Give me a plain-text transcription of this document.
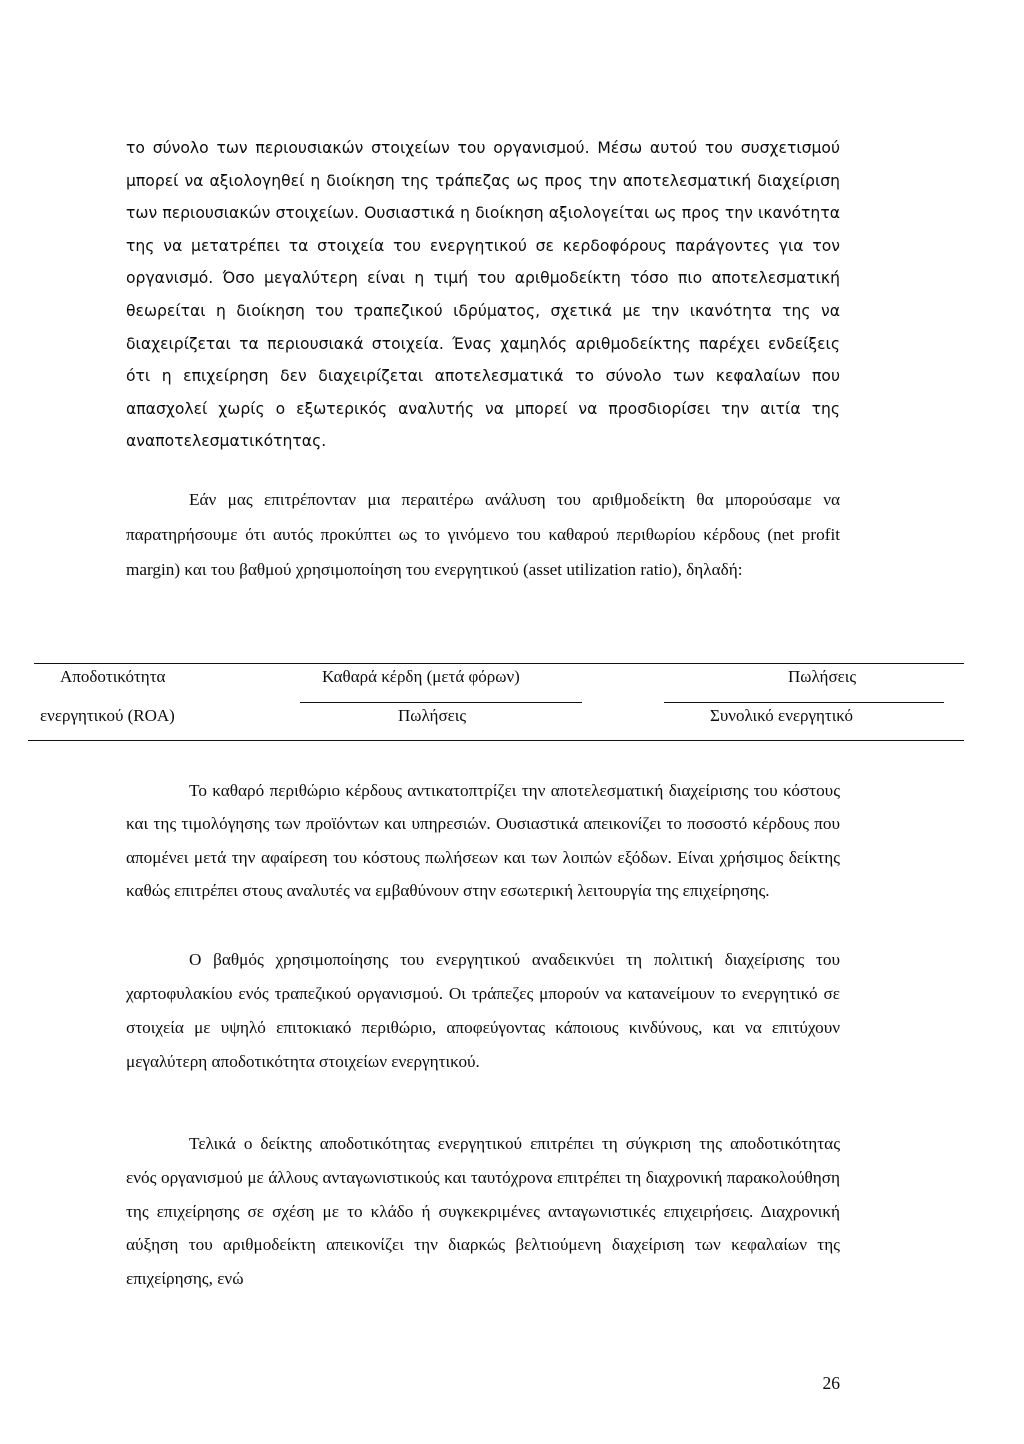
το σύνολο των περιουσιακών στοιχείων του οργανισμού. Μέσω αυτού του συσχετισμού μπορεί να αξιολογηθεί η διοίκηση της τράπεζας ως προς την αποτελεσματική διαχείριση των περιουσιακών στοιχείων. Ουσιαστικά η διοίκηση αξιολογείται ως προς την ικανότητα της να μετατρέπει τα στοιχεία του ενεργητικού σε κερδοφόρους παράγοντες για τον οργανισμό. Όσο μεγαλύτερη είναι η τιμή του αριθμοδείκτη τόσο πιο αποτελεσματική θεωρείται η διοίκηση του τραπεζικού ιδρύματος, σχετικά με την ικανότητα της να διαχειρίζεται τα περιουσιακά στοιχεία. Ένας χαμηλός αριθμοδείκτης παρέχει ενδείξεις ότι η επιχείρηση δεν διαχειρίζεται αποτελεσματικά το σύνολο των κεφαλαίων που απασχολεί χωρίς ο εξωτερικός αναλυτής να μπορεί να προσδιορίσει την αιτία της αναποτελεσματικότητας.

Εάν μας επιτρέπονταν μια περαιτέρω ανάλυση του αριθμοδείκτη θα μπορούσαμε να παρατηρήσουμε ότι αυτός προκύπτει ως το γινόμενο του καθαρού περιθωρίου κέρδους (net profit margin) και του βαθμού χρησιμοποίηση του ενεργητικού (asset utilization ratio), δηλαδή:

Αποδοτικότητα
ενεργητικού (ROA)
Καθαρά κέρδη (μετά φόρων)
Πωλήσεις
Πωλήσεις
Συνολικό ενεργητικό

Το καθαρό περιθώριο κέρδους αντικατοπτρίζει την αποτελεσματική διαχείρισης του κόστους και της τιμολόγησης των προϊόντων και υπηρεσιών. Ουσιαστικά απεικονίζει το ποσοστό κέρδους που απομένει μετά την αφαίρεση του κόστους πωλήσεων και των λοιπών εξόδων. Είναι χρήσιμος δείκτης καθώς επιτρέπει στους αναλυτές να εμβαθύνουν στην εσωτερική λειτουργία της επιχείρησης.

Ο βαθμός χρησιμοποίησης του ενεργητικού αναδεικνύει τη πολιτική διαχείρισης του χαρτοφυλακίου ενός τραπεζικού οργανισμού. Οι τράπεζες μπορούν να κατανείμουν το ενεργητικό σε στοιχεία με υψηλό επιτοκιακό περιθώριο, αποφεύγοντας κάποιους κινδύνους, και να επιτύχουν μεγαλύτερη αποδοτικότητα στοιχείων ενεργητικού.

Τελικά ο δείκτης αποδοτικότητας ενεργητικού επιτρέπει τη σύγκριση της αποδοτικότητας ενός οργανισμού με άλλους ανταγωνιστικούς και ταυτόχρονα επιτρέπει τη διαχρονική παρακολούθηση της επιχείρησης σε σχέση με το κλάδο ή συγκεκριμένες ανταγωνιστικές επιχειρήσεις. Διαχρονική αύξηση του αριθμοδείκτη απεικονίζει την διαρκώς βελτιούμενη διαχείριση των κεφαλαίων της επιχείρησης, ενώ

26
